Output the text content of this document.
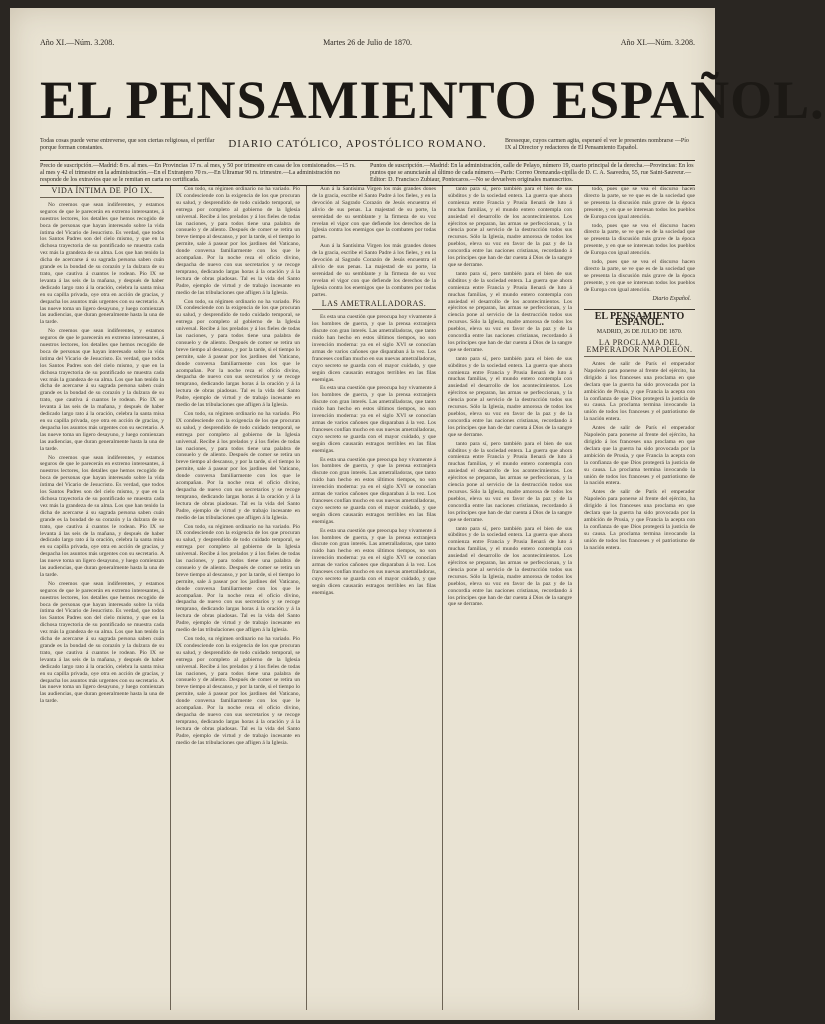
Año XI.—Núm. 3.208.	Martes 26 de Julio de 1870.	Año XI.—Núm. 3.208.
EL PENSAMIENTO ESPAÑOL.
Todas cosas puede verse entreverse, que son ciertas religiosas, el perfilar porque forman constantes.	DIARIO CATÓLICO, APOSTÓLICO ROMANO.	Bresseque, cuyos carmen agita, esperaré el ver le presentes nombrarse —Pío IX al Director y redactores de El Pensamiento Español.
Precio de suscripción.—Madrid: 8 rs. al mes.—En Provincias 17 rs. al mes, y 50 por trimestre en casa de los comisionados.—15 rs. al mes y 42 el trimestre en la administración.—En el Extranjero 70 rs.—En Ultramar 90 rs. trimestre.—La administración no responde de los extravíos que se le remitan en carta no certificada.
Puntos de suscripción.—Madrid: En la administración, calle de Pelayo, número 19, cuarto principal de la derecha.—Provincias: En los puntos que se anunciarán al último de cada número.—Paris: Correo Orenzanda-cipilla de D. C. A. Saavedra, 55, rue Saint-Sauveur.—Editor: D. Francisco Zubiaur, Pontecaros.—No se devuelven originales manuscritos.
VIDA ÍNTIMA DE PÍO IX.

No creemos que sean indiferentes, y estamos seguros de que le parecerán en extremo interesantes, á nuestros lectores, los detalles que hemos recogido de boca de personas que hayan interesado sobre la vida íntima del Vicario de Jesucristo. Es verdad, que todos los Santos Padres son del cielo mismo, y que en la dichosa trayectoria de su pontificado se muestra cada vez más la grandeza de su alma. Los que han tenido la dicha de acercarse á su sagrada persona saben cuán grande es la bondad de su corazón y la dulzura de su trato, que cautiva á cuantos le rodean. Pío IX se levanta á las seis de la mañana, y después de haber dedicado largo rato á la oración, celebra la santa misa en su capilla privada, oye otra en acción de gracias, y despacha los asuntos más urgentes con su secretario. A las nueve toma un ligero desayuno, y luego comienzan las audiencias, que duran generalmente hasta la una de la tarde.

No creemos que sean indiferentes, y estamos seguros de que le parecerán en extremo interesantes, á nuestros lectores, los detalles que hemos recogido de boca de personas que hayan interesado sobre la vida íntima del Vicario de Jesucristo. Es verdad, que todos los Santos Padres son del cielo mismo, y que en la dichosa trayectoria de su pontificado se muestra cada vez más la grandeza de su alma. Los que han tenido la dicha de acercarse á su sagrada persona saben cuán grande es la bondad de su corazón y la dulzura de su trato, que cautiva á cuantos le rodean. Pío IX se levanta á las seis de la mañana, y después de haber dedicado largo rato á la oración, celebra la santa misa en su capilla privada, oye otra en acción de gracias, y despacha los asuntos más urgentes con su secretario. A las nueve toma un ligero desayuno, y luego comienzan las audiencias, que duran generalmente hasta la una de la tarde.

No creemos que sean indiferentes, y estamos seguros de que le parecerán en extremo interesantes, á nuestros lectores, los detalles que hemos recogido de boca de personas que hayan interesado sobre la vida íntima del Vicario de Jesucristo. Es verdad, que todos los Santos Padres son del cielo mismo, y que en la dichosa trayectoria de su pontificado se muestra cada vez más la grandeza de su alma. Los que han tenido la dicha de acercarse á su sagrada persona saben cuán grande es la bondad de su corazón y la dulzura de su trato, que cautiva á cuantos le rodean. Pío IX se levanta á las seis de la mañana, y después de haber dedicado largo rato á la oración, celebra la santa misa en su capilla privada, oye otra en acción de gracias, y despacha los asuntos más urgentes con su secretario. A las nueve toma un ligero desayuno, y luego comienzan las audiencias, que duran generalmente hasta la una de la tarde.

No creemos que sean indiferentes, y estamos seguros de que le parecerán en extremo interesantes, á nuestros lectores, los detalles que hemos recogido de boca de personas que hayan interesado sobre la vida íntima del Vicario de Jesucristo. Es verdad, que todos los Santos Padres son del cielo mismo, y que en la dichosa trayectoria de su pontificado se muestra cada vez más la grandeza de su alma. Los que han tenido la dicha de acercarse á su sagrada persona saben cuán grande es la bondad de su corazón y la dulzura de su trato, que cautiva á cuantos le rodean. Pío IX se levanta á las seis de la mañana, y después de haber dedicado largo rato á la oración, celebra la santa misa en su capilla privada, oye otra en acción de gracias, y despacha los asuntos más urgentes con su secretario. A las nueve toma un ligero desayuno, y luego comienzan las audiencias, que duran generalmente hasta la una de la tarde.

Con todo, su régimen ordinario no ha variado. Pío IX condesciende con la exigencia de los que procuran su salud, y desprendido de todo cuidado temporal, se entrega por completo al gobierno de la Iglesia universal. Recibe á los prelados y á los fieles de todas las naciones, y para todos tiene una palabra de consuelo y de aliento. Después de comer se retira un breve tiempo al descanso, y por la tarde, si el tiempo lo permite, sale á pasear por los jardines del Vaticano, donde conversa familiarmente con los que le acompañan. Por la noche reza el oficio divino, despacha de nuevo con sus secretarios y se recoge temprano, dedicando largas horas á la oración y á la lectura de obras piadosas. Tal es la vida del Santo Padre, ejemplo de virtud y de trabajo incesante en medio de las tribulaciones que afligen á la Iglesia.

Con todo, su régimen ordinario no ha variado. Pío IX condesciende con la exigencia de los que procuran su salud, y desprendido de todo cuidado temporal, se entrega por completo al gobierno de la Iglesia universal. Recibe á los prelados y á los fieles de todas las naciones, y para todos tiene una palabra de consuelo y de aliento. Después de comer se retira un breve tiempo al descanso, y por la tarde, si el tiempo lo permite, sale á pasear por los jardines del Vaticano, donde conversa familiarmente con los que le acompañan. Por la noche reza el oficio divino, despacha de nuevo con sus secretarios y se recoge temprano, dedicando largas horas á la oración y á la lectura de obras piadosas. Tal es la vida del Santo Padre, ejemplo de virtud y de trabajo incesante en medio de las tribulaciones que afligen á la Iglesia.

Con todo, su régimen ordinario no ha variado. Pío IX condesciende con la exigencia de los que procuran su salud, y desprendido de todo cuidado temporal, se entrega por completo al gobierno de la Iglesia universal. Recibe á los prelados y á los fieles de todas las naciones, y para todos tiene una palabra de consuelo y de aliento. Después de comer se retira un breve tiempo al descanso, y por la tarde, si el tiempo lo permite, sale á pasear por los jardines del Vaticano, donde conversa familiarmente con los que le acompañan. Por la noche reza el oficio divino, despacha de nuevo con sus secretarios y se recoge temprano, dedicando largas horas á la oración y á la lectura de obras piadosas. Tal es la vida del Santo Padre, ejemplo de virtud y de trabajo incesante en medio de las tribulaciones que afligen á la Iglesia.

Con todo, su régimen ordinario no ha variado. Pío IX condesciende con la exigencia de los que procuran su salud, y desprendido de todo cuidado temporal, se entrega por completo al gobierno de la Iglesia universal. Recibe á los prelados y á los fieles de todas las naciones, y para todos tiene una palabra de consuelo y de aliento. Después de comer se retira un breve tiempo al descanso, y por la tarde, si el tiempo lo permite, sale á pasear por los jardines del Vaticano, donde conversa familiarmente con los que le acompañan. Por la noche reza el oficio divino, despacha de nuevo con sus secretarios y se recoge temprano, dedicando largas horas á la oración y á la lectura de obras piadosas. Tal es la vida del Santo Padre, ejemplo de virtud y de trabajo incesante en medio de las tribulaciones que afligen á la Iglesia.

Con todo, su régimen ordinario no ha variado. Pío IX condesciende con la exigencia de los que procuran su salud, y desprendido de todo cuidado temporal, se entrega por completo al gobierno de la Iglesia universal. Recibe á los prelados y á los fieles de todas las naciones, y para todos tiene una palabra de consuelo y de aliento. Después de comer se retira un breve tiempo al descanso, y por la tarde, si el tiempo lo permite, sale á pasear por los jardines del Vaticano, donde conversa familiarmente con los que le acompañan. Por la noche reza el oficio divino, despacha de nuevo con sus secretarios y se recoge temprano, dedicando largas horas á la oración y á la lectura de obras piadosas. Tal es la vida del Santo Padre, ejemplo de virtud y de trabajo incesante en medio de las tribulaciones que afligen á la Iglesia.

Aun á la Santísima Virgen los más grandes dones de la gracia, escribe el Santo Padre á los fieles, y en la devoción al Sagrado Corazón de Jesús encuentra el alivio de sus penas. La majestad de su porte, la serenidad de su semblante y la firmeza de su voz revelan el vigor con que defiende los derechos de la Iglesia contra los enemigos que la combaten por todas partes.

Aun á la Santísima Virgen los más grandes dones de la gracia, escribe el Santo Padre á los fieles, y en la devoción al Sagrado Corazón de Jesús encuentra el alivio de sus penas. La majestad de su porte, la serenidad de su semblante y la firmeza de su voz revelan el vigor con que defiende los derechos de la Iglesia contra los enemigos que la combaten por todas partes.

LAS AMETRALLADORAS.

Es esta una cuestión que preocupa hoy vivamente á los hombres de guerra, y que la prensa extranjera discute con gran interés. Las ametralladoras, que tanto ruido han hecho en estos últimos tiempos, no son invención moderna: ya en el siglo XVI se conocían armas de varios cañones que disparaban á la vez. Los franceses confían mucho en sus nuevas ametralladoras, cuyo secreto se guarda con el mayor cuidado, y que según dicen causarán estragos terribles en las filas enemigas.

Es esta una cuestión que preocupa hoy vivamente á los hombres de guerra, y que la prensa extranjera discute con gran interés. Las ametralladoras, que tanto ruido han hecho en estos últimos tiempos, no son invención moderna: ya en el siglo XVI se conocían armas de varios cañones que disparaban á la vez. Los franceses confían mucho en sus nuevas ametralladoras, cuyo secreto se guarda con el mayor cuidado, y que según dicen causarán estragos terribles en las filas enemigas.

Es esta una cuestión que preocupa hoy vivamente á los hombres de guerra, y que la prensa extranjera discute con gran interés. Las ametralladoras, que tanto ruido han hecho en estos últimos tiempos, no son invención moderna: ya en el siglo XVI se conocían armas de varios cañones que disparaban á la vez. Los franceses confían mucho en sus nuevas ametralladoras, cuyo secreto se guarda con el mayor cuidado, y que según dicen causarán estragos terribles en las filas enemigas.

Es esta una cuestión que preocupa hoy vivamente á los hombres de guerra, y que la prensa extranjera discute con gran interés. Las ametralladoras, que tanto ruido han hecho en estos últimos tiempos, no son invención moderna: ya en el siglo XVI se conocían armas de varios cañones que disparaban á la vez. Los franceses confían mucho en sus nuevas ametralladoras, cuyo secreto se guarda con el mayor cuidado, y que según dicen causarán estragos terribles en las filas enemigas.

tanto para sí, pero también para el bien de sus súbditos y de la sociedad entera. La guerra que ahora comienza entre Francia y Prusia llenará de luto á muchas familias, y el mundo entero contempla con ansiedad el desarrollo de los acontecimientos. Los ejércitos se preparan, las armas se perfeccionan, y la ciencia pone al servicio de la destrucción todos sus recursos. Sólo la Iglesia, madre amorosa de todos los pueblos, eleva su voz en favor de la paz y de la concordia entre las naciones cristianas, recordando á los príncipes que han de dar cuenta á Dios de la sangre que se derrame.

tanto para sí, pero también para el bien de sus súbditos y de la sociedad entera. La guerra que ahora comienza entre Francia y Prusia llenará de luto á muchas familias, y el mundo entero contempla con ansiedad el desarrollo de los acontecimientos. Los ejércitos se preparan, las armas se perfeccionan, y la ciencia pone al servicio de la destrucción todos sus recursos. Sólo la Iglesia, madre amorosa de todos los pueblos, eleva su voz en favor de la paz y de la concordia entre las naciones cristianas, recordando á los príncipes que han de dar cuenta á Dios de la sangre que se derrame.

tanto para sí, pero también para el bien de sus súbditos y de la sociedad entera. La guerra que ahora comienza entre Francia y Prusia llenará de luto á muchas familias, y el mundo entero contempla con ansiedad el desarrollo de los acontecimientos. Los ejércitos se preparan, las armas se perfeccionan, y la ciencia pone al servicio de la destrucción todos sus recursos. Sólo la Iglesia, madre amorosa de todos los pueblos, eleva su voz en favor de la paz y de la concordia entre las naciones cristianas, recordando á los príncipes que han de dar cuenta á Dios de la sangre que se derrame.

tanto para sí, pero también para el bien de sus súbditos y de la sociedad entera. La guerra que ahora comienza entre Francia y Prusia llenará de luto á muchas familias, y el mundo entero contempla con ansiedad el desarrollo de los acontecimientos. Los ejércitos se preparan, las armas se perfeccionan, y la ciencia pone al servicio de la destrucción todos sus recursos. Sólo la Iglesia, madre amorosa de todos los pueblos, eleva su voz en favor de la paz y de la concordia entre las naciones cristianas, recordando á los príncipes que han de dar cuenta á Dios de la sangre que se derrame.

tanto para sí, pero también para el bien de sus súbditos y de la sociedad entera. La guerra que ahora comienza entre Francia y Prusia llenará de luto á muchas familias, y el mundo entero contempla con ansiedad el desarrollo de los acontecimientos. Los ejércitos se preparan, las armas se perfeccionan, y la ciencia pone al servicio de la destrucción todos sus recursos. Sólo la Iglesia, madre amorosa de todos los pueblos, eleva su voz en favor de la paz y de la concordia entre las naciones cristianas, recordando á los príncipes que han de dar cuenta á Dios de la sangre que se derrame.

todo, pues que se vea el discurso hacen directo la parte, se ve que es de la sociedad que se presenta la discusión más grave de la época presente, y en que se interesan todos los pueblos de Europa con igual atención.

todo, pues que se vea el discurso hacen directo la parte, se ve que es de la sociedad que se presenta la discusión más grave de la época presente, y en que se interesan todos los pueblos de Europa con igual atención.

todo, pues que se vea el discurso hacen directo la parte, se ve que es de la sociedad que se presenta la discusión más grave de la época presente, y en que se interesan todos los pueblos de Europa con igual atención.

Diario Español.
EL PENSAMIENTO ESPAÑOL.
MADRID, 26 DE JULIO DE 1870.
LA PROCLAMA DEL EMPERADOR NAPOLEÓN.

Antes de salir de París el emperador Napoleón para ponerse al frente del ejército, ha dirigido á los franceses una proclama en que declara que la guerra ha sido provocada por la ambición de Prusia, y que Francia la acepta con la confianza de que Dios protegerá la justicia de su causa. La proclama termina invocando la unión de todos los franceses y el patriotismo de la nación entera.

Antes de salir de París el emperador Napoleón para ponerse al frente del ejército, ha dirigido á los franceses una proclama en que declara que la guerra ha sido provocada por la ambición de Prusia, y que Francia la acepta con la confianza de que Dios protegerá la justicia de su causa. La proclama termina invocando la unión de todos los franceses y el patriotismo de la nación entera.

Antes de salir de París el emperador Napoleón para ponerse al frente del ejército, ha dirigido á los franceses una proclama en que declara que la guerra ha sido provocada por la ambición de Prusia, y que Francia la acepta con la confianza de que Dios protegerá la justicia de su causa. La proclama termina invocando la unión de todos los franceses y el patriotismo de la nación entera.
